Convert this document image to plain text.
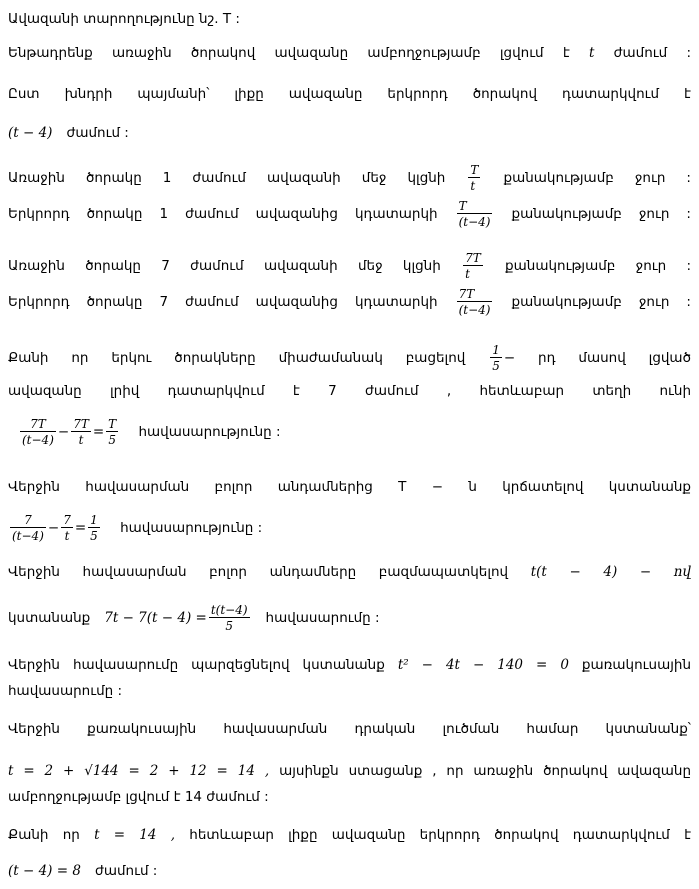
Ավազանի տարողությունը նշ. T :
Ենթադրենք առաջին ծորակով ավազանը ամբողջությամբ լցվում է t ժամում :
Ըստ խնդրի պայմանի՝ լիքը ավազանը երկրորդ ծորակով դատարկվում է
(t − 4) ժամում :
Առաջին ծորակը 1 ժամում ավազանի մեջ կլցնի $\frac{T}{t}$ քանակությամբ ջուր :
Երկրորդ ծորակը 1 ժամում ավազանից կդատարկի $\frac{T}{(t-4)}$ քանակությամբ ջուր :
Առաջին ծորակը 7 ժամում ավազանի մեջ կլցնի $\frac{7T}{t}$ քանակությամբ ջուր :
Երկրորդ ծորակը 7 ժամում ավազանից կդատարկի $\frac{7T}{(t-4)}$ քանակությամբ ջուր :
Քանի որ երկու ծորակները միաժամանակ բացելով $\frac{1}{5}$ − րդ մասով լցված
ավազանը լրիվ դատարկվում է 7 ժամում , հետևաբար տեղի ունի
$\frac{7T}{(t-4)} - \frac{7T}{t} = \frac{T}{5}$ հավասարությունը :
Վերջին հավասարման բոլոր անդամներից T − ն կրճատելով կստանանք
$\frac{7}{(t-4)} - \frac{7}{t} = \frac{1}{5}$ հավասարությունը :
Վերջին հավասարման բոլոր անդամները բազմապատկելով t(t − 4) − ով
կստանանք $7t - 7(t - 4) = \frac{t(t-4)}{5}$ հավասարումը :
Վերջին հավասարումը պարզեցնելով կստանանք t² − 4t − 140 = 0 քառակուսային
հավասարումը :
Վերջին քառակուսային հավասարման դրական լուծման համար կստանանք՝
t = 2 + √144 = 2 + 12 = 14 , այսինքն ստացանք , որ առաջին ծորակով ավազանը
ամբողջությամբ լցվում է 14 ժամում :
Քանի որ t = 14 , հետևաբար լիքը ավազանը երկրորդ ծորակով դատարկվում է
(t − 4) = 8 ժամում :
